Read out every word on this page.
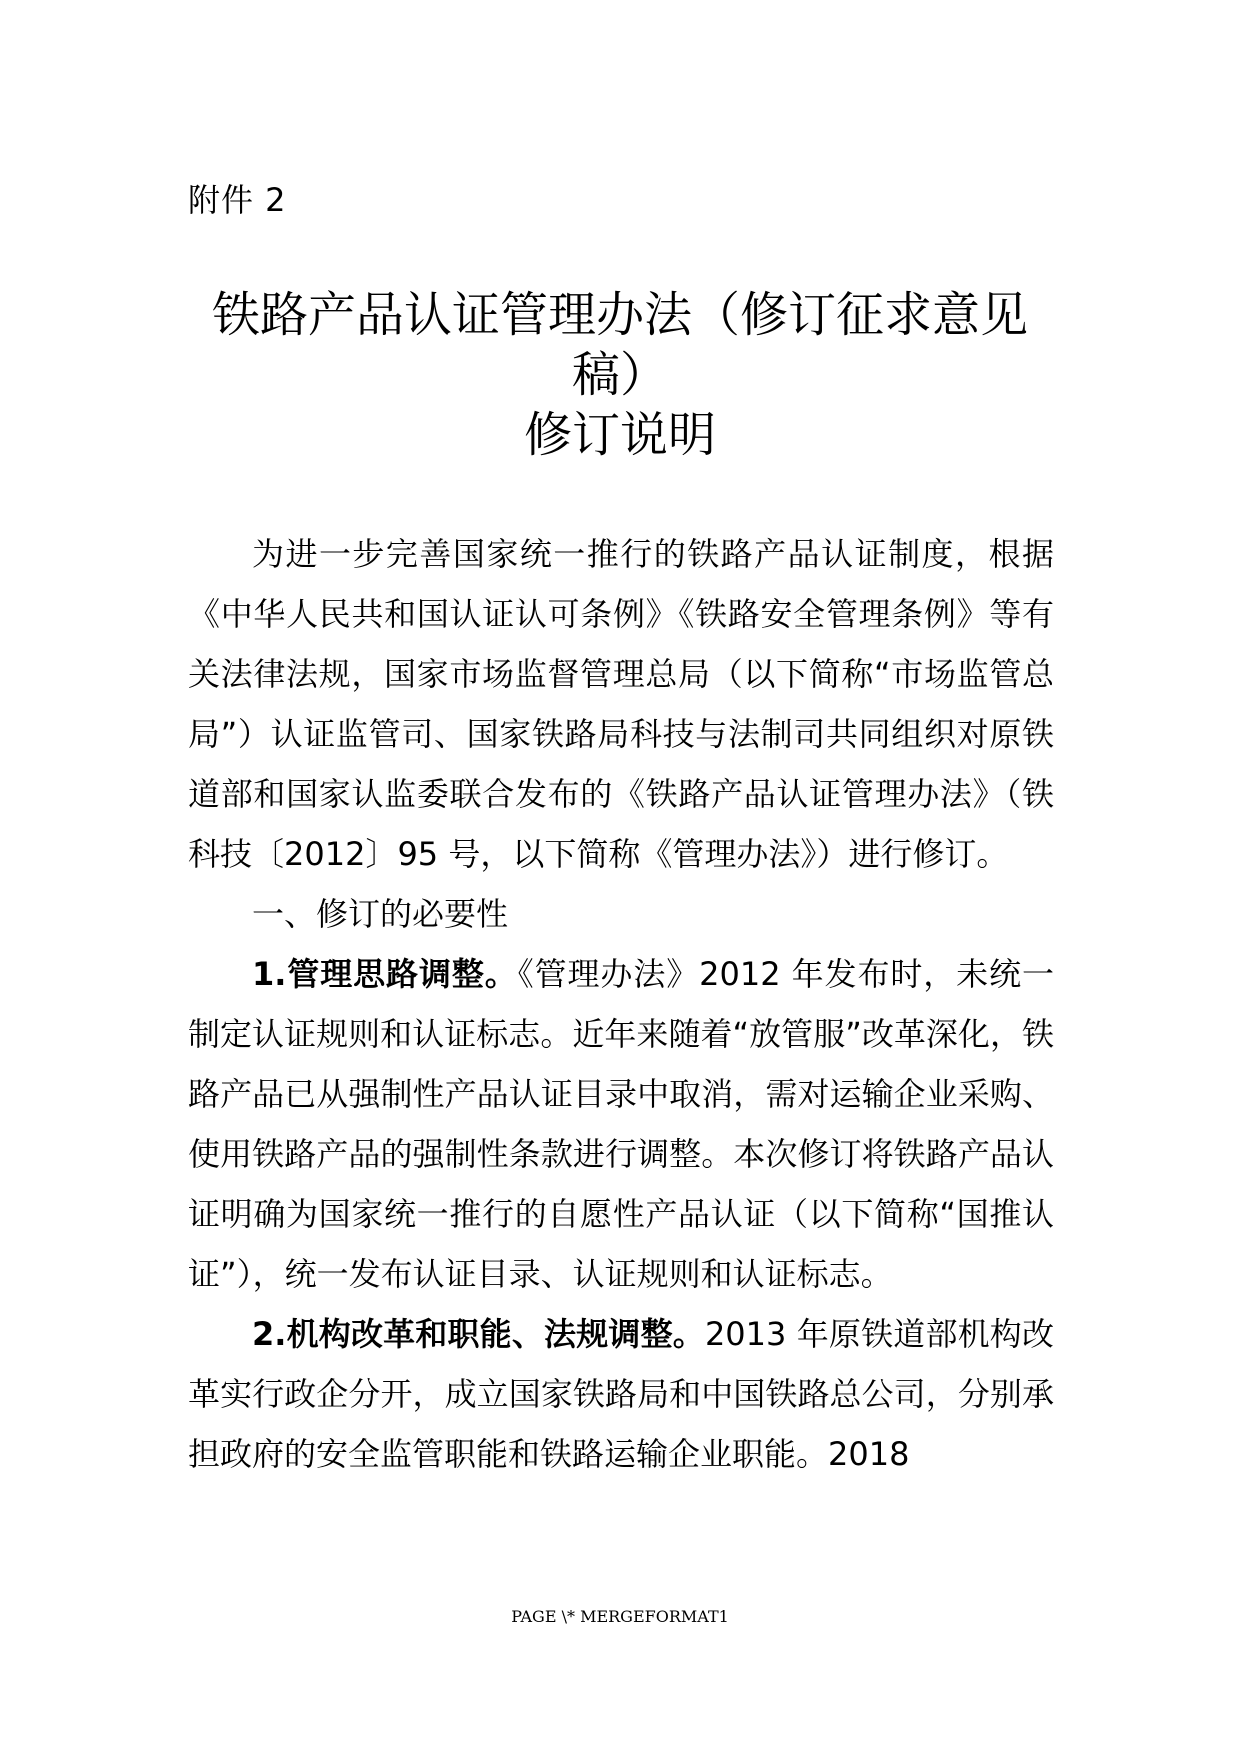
附件 2
铁路产品认证管理办法（修订征求意见
稿）
修订说明

为进一步完善国家统一推行的铁路产品认证制度，根据《中华人民共和国认证认可条例》《铁路安全管理条例》等有关法律法规，国家市场监督管理总局（以下简称“市场监管总局”）认证监管司、国家铁路局科技与法制司共同组织对原铁道部和国家认监委联合发布的《铁路产品认证管理办法》（铁科技〔2012〕95 号，以下简称《管理办法》）进行修订。

一、修订的必要性

1.管理思路调整。《管理办法》2012 年发布时，未统一制定认证规则和认证标志。近年来随着“放管服”改革深化，铁路产品已从强制性产品认证目录中取消，需对运输企业采购、使用铁路产品的强制性条款进行调整。本次修订将铁路产品认证明确为国家统一推行的自愿性产品认证（以下简称“国推认证”），统一发布认证目录、认证规则和认证标志。

2.机构改革和职能、法规调整。2013 年原铁道部机构改革实行政企分开，成立国家铁路局和中国铁路总公司，分别承担政府的安全监管职能和铁路运输企业职能。2018

PAGE \* MERGEFORMAT1
